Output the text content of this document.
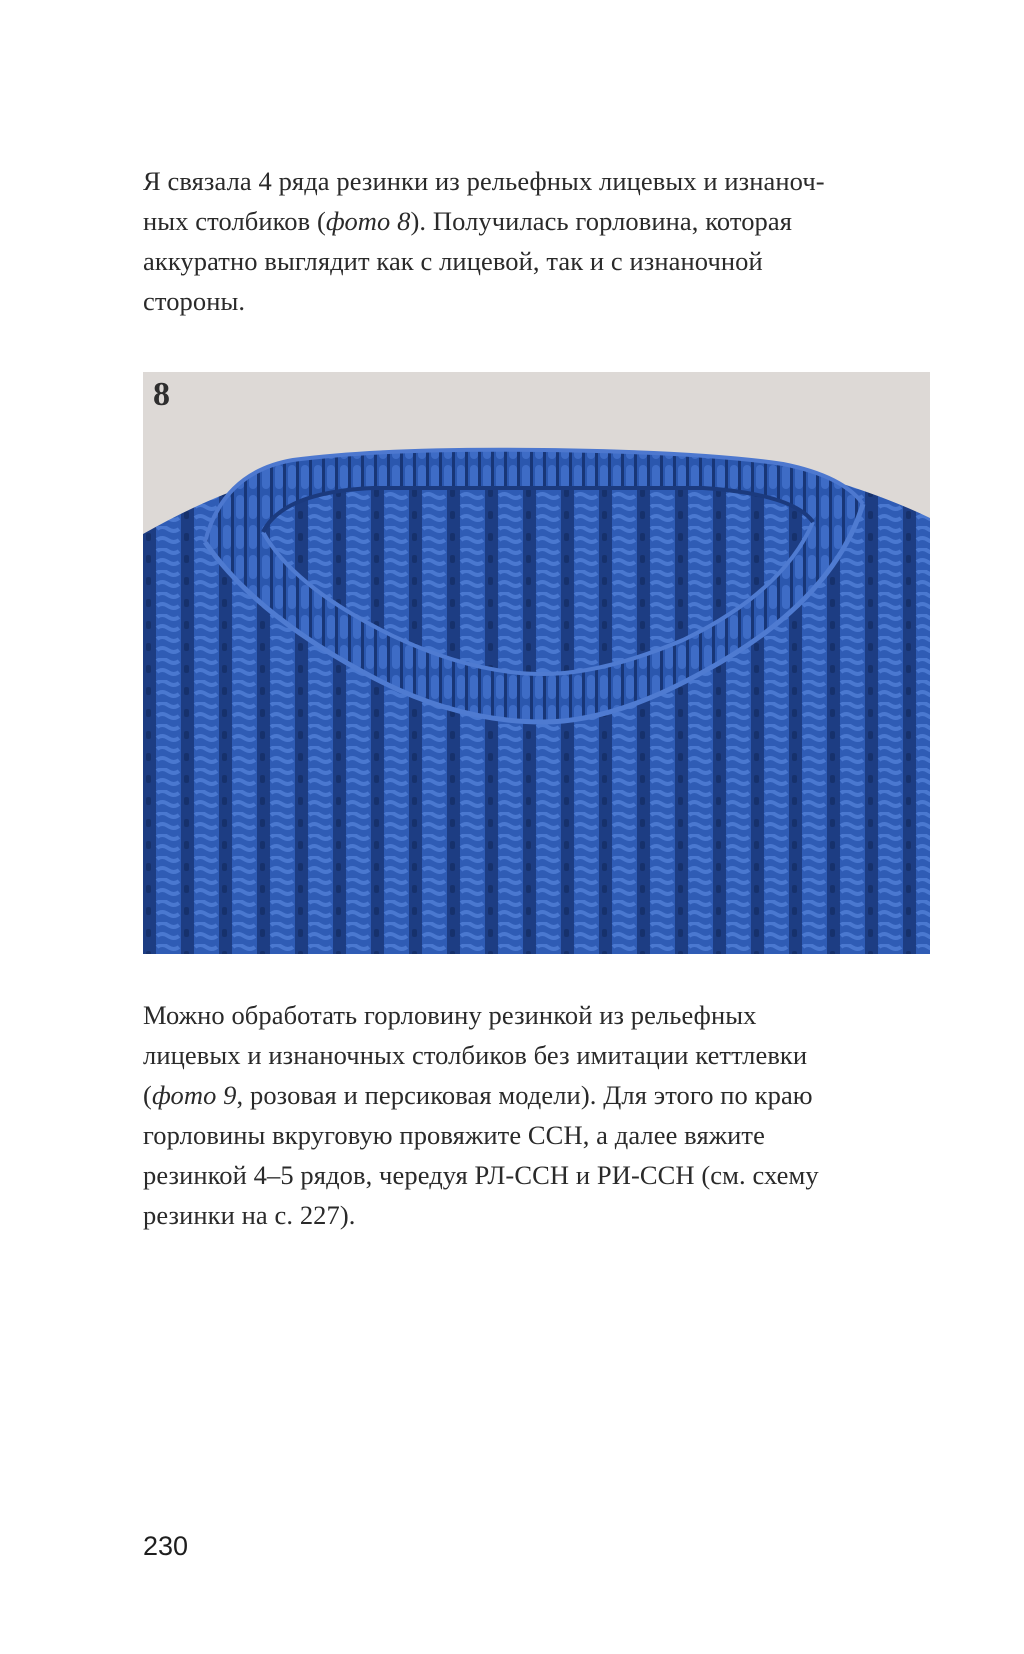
Я связала 4 ряда резинки из рельефных лицевых и изнаноч-
ных столбиков (фото 8). Получилась горловина, которая
аккуратно выглядит как с лицевой, так и с изнаночной
стороны.
8
Можно обработать горловину резинкой из рельефных
лицевых и изнаночных столбиков без имитации кеттлевки
(фото 9, розовая и персиковая модели). Для этого по краю
горловины вкруговую провяжите ССН, а далее вяжите
резинкой 4–5 рядов, чередуя РЛ-ССН и РИ-ССН (см. схему
резинки на с. 227).
230
